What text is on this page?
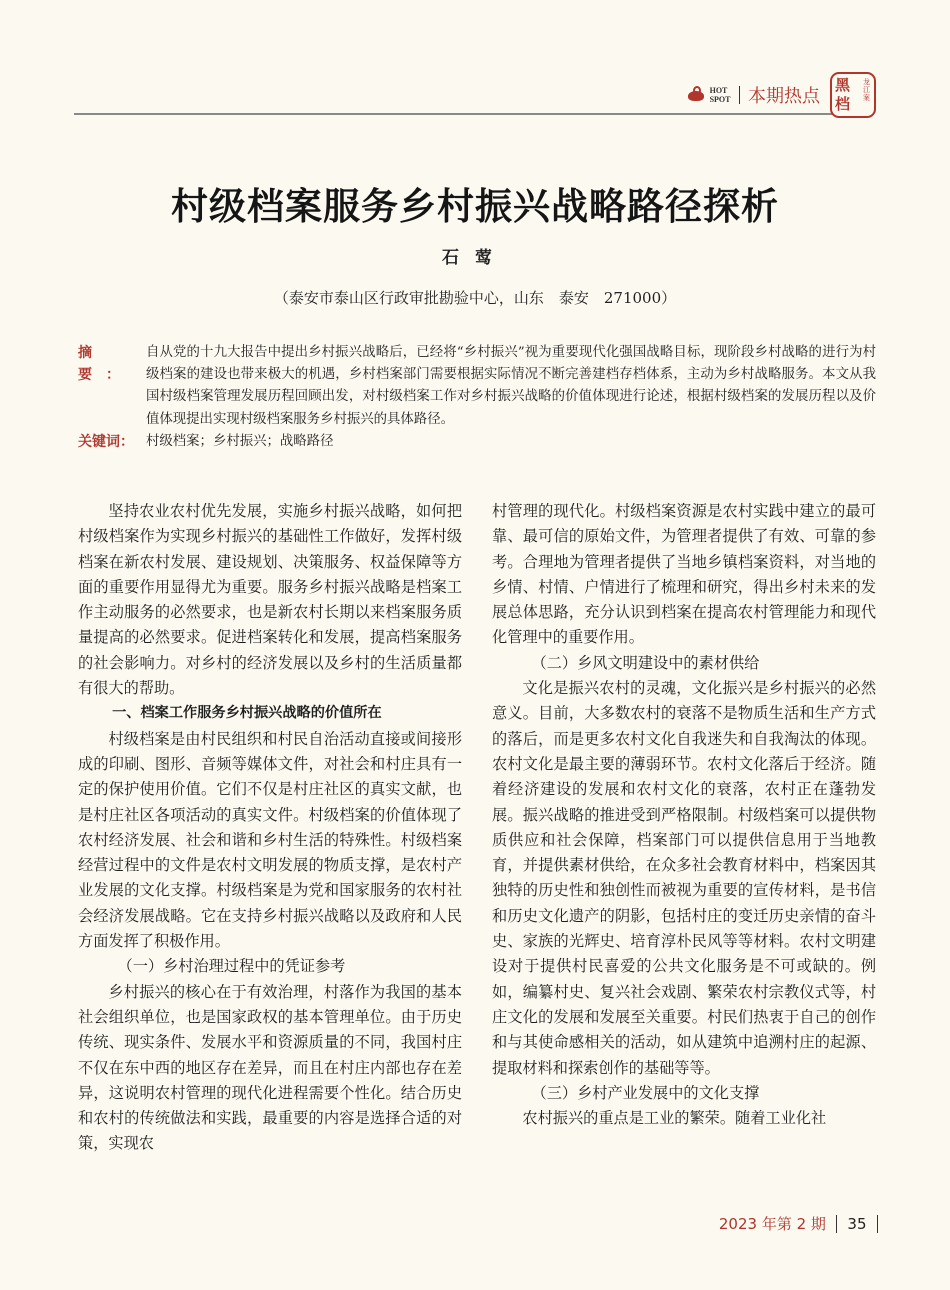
HOT
SPOT 本期热点
黑档
龙江案
村级档案服务乡村振兴战略路径探析
石莺
（泰安市泰山区行政审批勘验中心，山东　泰安　271000）
摘要：
自从党的十九大报告中提出乡村振兴战略后，已经将“乡村振兴”视为重要现代化强国战略目标，现阶段乡村战略的进行为村级档案的建设也带来极大的机遇，乡村档案部门需要根据实际情况不断完善建档存档体系，主动为乡村战略服务。本文从我国村级档案管理发展历程回顾出发，对村级档案工作对乡村振兴战略的价值体现进行论述，根据村级档案的发展历程以及价值体现提出实现村级档案服务乡村振兴的具体路径。
关键词： 村级档案；乡村振兴；战略路径

坚持农业农村优先发展，实施乡村振兴战略，如何把村级档案作为实现乡村振兴的基础性工作做好，发挥村级档案在新农村发展、建设规划、决策服务、权益保障等方面的重要作用显得尤为重要。服务乡村振兴战略是档案工作主动服务的必然要求，也是新农村长期以来档案服务质量提高的必然要求。促进档案转化和发展，提高档案服务的社会影响力。对乡村的经济发展以及乡村的生活质量都有很大的帮助。

一、档案工作服务乡村振兴战略的价值所在

村级档案是由村民组织和村民自治活动直接或间接形成的印刷、图形、音频等媒体文件，对社会和村庄具有一定的保护使用价值。它们不仅是村庄社区的真实文献，也是村庄社区各项活动的真实文件。村级档案的价值体现了农村经济发展、社会和谐和乡村生活的特殊性。村级档案经营过程中的文件是农村文明发展的物质支撑，是农村产业发展的文化支撑。村级档案是为党和国家服务的农村社会经济发展战略。它在支持乡村振兴战略以及政府和人民方面发挥了积极作用。

（一）乡村治理过程中的凭证参考

乡村振兴的核心在于有效治理，村落作为我国的基本社会组织单位，也是国家政权的基本管理单位。由于历史传统、现实条件、发展水平和资源质量的不同，我国村庄不仅在东中西的地区存在差异，而且在村庄内部也存在差异，这说明农村管理的现代化进程需要个性化。结合历史和农村的传统做法和实践，最重要的内容是选择合适的对策，实现农

村管理的现代化。村级档案资源是农村实践中建立的最可靠、最可信的原始文件，为管理者提供了有效、可靠的参考。合理地为管理者提供了当地乡镇档案资料，对当地的乡情、村情、户情进行了梳理和研究，得出乡村未来的发展总体思路，充分认识到档案在提高农村管理能力和现代化管理中的重要作用。

（二）乡风文明建设中的素材供给

文化是振兴农村的灵魂，文化振兴是乡村振兴的必然意义。目前，大多数农村的衰落不是物质生活和生产方式的落后，而是更多农村文化自我迷失和自我淘汰的体现。农村文化是最主要的薄弱环节。农村文化落后于经济。随着经济建设的发展和农村文化的衰落，农村正在蓬勃发展。振兴战略的推进受到严格限制。村级档案可以提供物质供应和社会保障，档案部门可以提供信息用于当地教育，并提供素材供给，在众多社会教育材料中，档案因其独特的历史性和独创性而被视为重要的宣传材料，是书信和历史文化遗产的阴影，包括村庄的变迁历史亲情的奋斗史、家族的光辉史、培育淳朴民风等等材料。农村文明建设对于提供村民喜爱的公共文化服务是不可或缺的。例如，编纂村史、复兴社会戏剧、繁荣农村宗教仪式等，村庄文化的发展和发展至关重要。村民们热衷于自己的创作和与其使命感相关的活动，如从建筑中追溯村庄的起源、提取材料和探索创作的基础等等。

（三）乡村产业发展中的文化支撑

农村振兴的重点是工业的繁荣。随着工业化社

2023 年第 2 期 35
